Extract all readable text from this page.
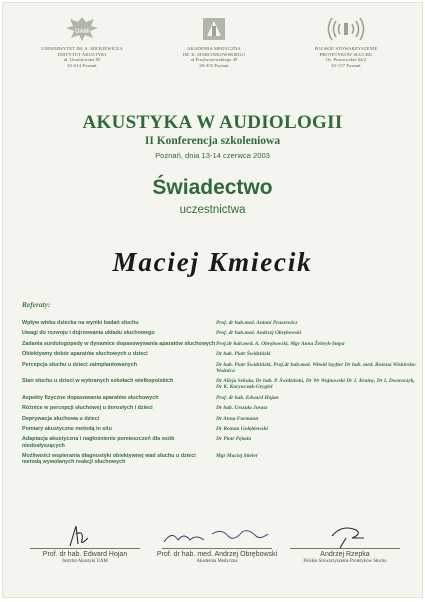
UAM
UNIWERSYTET IM. A. MICKIEWICZA
INSTYTUT AKUSTYKI
ul. Umultowska 85
61-614 Poznań
AKADEMIA MEDYCZNA
IM. K. MARCINKOWSKIEGO
ul.Przybyszewskiego 49
60-355 Poznań
POLSKIE STOWARZYSZENIE
PROTETYKÓW SŁUCHU
Os. Piastowskie 64/2
61-157 Poznań
AKUSTYKA W AUDIOLOGII
II Konferencja szkoleniowa
Poznań, dnia 13-14 czerwca 2003
Świadectwo
uczestnictwa
Maciej Kmiecik
Referaty:
Wpływ wieku dziecka na wyniki badań słuchu	Prof. dr hab.med. Antoni Pruszewicz
Uwagi do rozwoju i dojrzewania układu słuchowego	Prof. dr hab.med. Andrzej Obrębowski
Zadania surdologopedy w dynamice dopasowywania aparatów słuchowych Prof.dr hab.med. A. Obrębowski, Mgr Anna Żebryk-Stopa
Obiektywny dobór aparatów słuchowych u dzieci	Dr hab. Piotr Świdziński
Percepcja słuchu u dzieci zaimplantowanych	Dr hab. Piotr Świdziński, Prof.dr hab.med. Witold Szyfter Dr hab. med. Bożena Wiskirska-Woźnica
Stan słuchu u dzieci w wybranych szkołach wielkopolskich	Dr Alicja Sekula, Dr hab. P. Świdziński, Dr Wr Wojnowski Dr J. Krainy, Dr I. Dworaczyk, Dr K. Kurywczak-Grygiel
Aspekty fizyczne dopasowania aparatów słuchowych	Prof. dr hab. Edward Hojan
Różnice w percepcji słuchowej u dorosłych i dzieci	Dr hab. Urszula Jorasz
Deprywacja słuchowa u dzieci	Dr Anna Furmann
Pomiary akustyczne metodą in situ	Dr Roman Gołębiewski
Adaptacja akustyczna i nagłośnienie pomieszczeń dla osób niedosłyszących
Dr Piotr Pękala
Możliwości wspierania diagnostyki obiektywnej wad słuchu u dzieci metodą wywołanych reakcji słuchowych
Mgr Maciej Stieler
Prof. dr hab. Edward Hojan
Instytut Akustyki UAM
Prof. dr hab. med. Andrzej Obrębowski
Akademia Medyczna
Andrzej Rzepka
Polskie Stowarzyszenie Protetyków Słuchu
